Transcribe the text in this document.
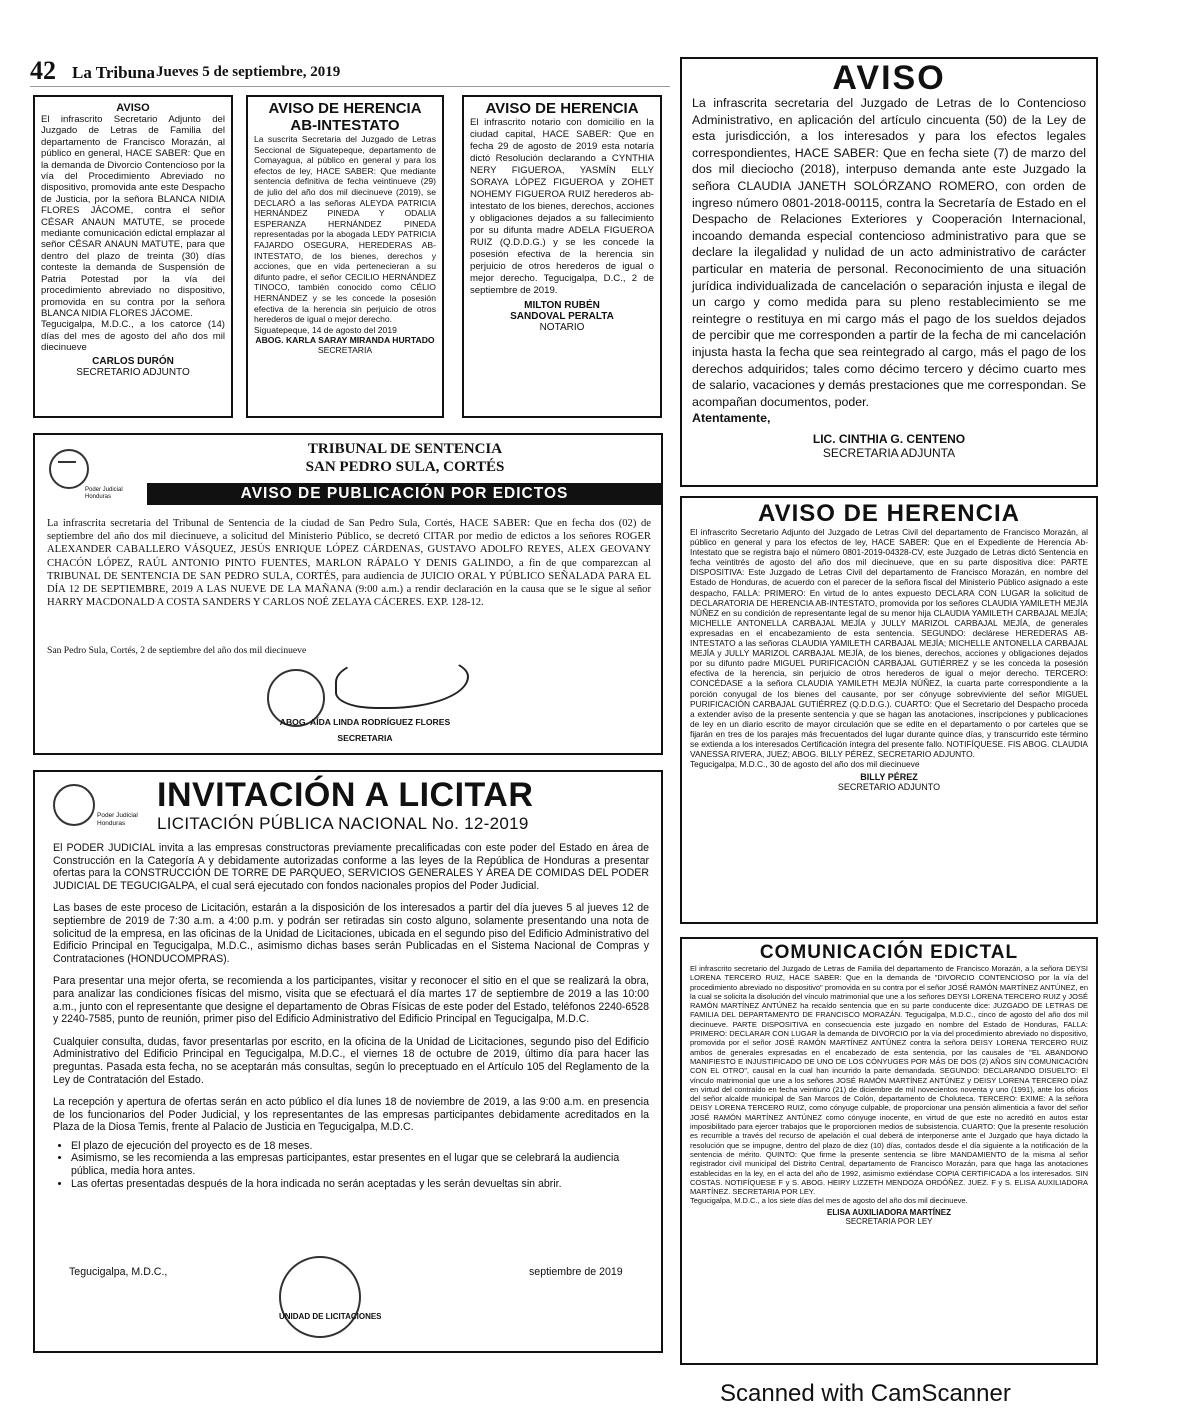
42 La Tribuna Jueves 5 de septiembre, 2019

AVISO

El infrascrito Secretario Adjunto del Juzgado de Letras de Familia del departamento de Francisco Morazán, al público en general, HACE SABER: Que en la demanda de Divorcio Contencioso por la vía del Procedimiento Abreviado no dispositivo, promovida ante este Despacho de Justicia, por la señora BLANCA NIDIA FLORES JÁCOME, contra el señor CÉSAR ANAUN MATUTE, se procede mediante comunicación edictal emplazar al señor CÉSAR ANAUN MATUTE, para que dentro del plazo de treinta (30) días conteste la demanda de Suspensión de Patria Potestad por la vía del procedimiento abreviado no dispositivo, promovida en su contra por la señora BLANCA NIDIA FLORES JÁCOME.

Tegucigalpa, M.D.C., a los catorce (14) días del mes de agosto del año dos mil diecinueve

CARLOS DURÓN

SECRETARIO ADJUNTO

AVISO DE HERENCIA

AB-INTESTATO

La suscrita Secretaria del Juzgado de Letras Seccional de Siguatepeque, departamento de Comayagua, al público en general y para los efectos de ley, HACE SABER: Que mediante sentencia definitiva de fecha veintinueve (29) de julio del año dos mil diecinueve (2019), se DECLARÓ a las señoras ALEYDA PATRICIA HERNÁNDEZ PINEDA Y ODALIA ESPERANZA HERNÁNDEZ PINEDA representadas por la abogada LEDY PATRICIA FAJARDO OSEGURA, HEREDERAS AB-INTESTATO, de los bienes, derechos y acciones, que en vida pertenecieran a su difunto padre, el señor CECILIO HERNÁNDEZ TINOCO, también conocido como CÉLIO HERNÁNDEZ y se les concede la posesión efectiva de la herencia sin perjuicio de otros herederos de igual o mejor derecho.

Siguatepeque, 14 de agosto del 2019

ABOG. KARLA SARAY MIRANDA HURTADO

SECRETARIA

AVISO DE HERENCIA

El infrascrito notario con domicilio en la ciudad capital, HACE SABER: Que en fecha 29 de agosto de 2019 esta notaría dictó Resolución declarando a CYNTHIA NERY FIGUEROA, YASMÍN ELLY SORAYA LÓPEZ FIGUEROA y ZOHET NOHEMY FIGUEROA RUIZ herederos ab-intestato de los bienes, derechos, acciones y obligaciones dejados a su fallecimiento por su difunta madre ADELA FIGUEROA RUIZ (Q.D.D.G.) y se les concede la posesión efectiva de la herencia sin perjuicio de otros herederos de igual o mejor derecho. Tegucigalpa, D.C., 2 de septiembre de 2019.

MILTON RUBÉN

SANDOVAL PERALTA

NOTARIO

AVISO

La infrascrita secretaria del Juzgado de Letras de lo Contencioso Administrativo, en aplicación del artículo cincuenta (50) de la Ley de esta jurisdicción, a los interesados y para los efectos legales correspondientes, HACE SABER: Que en fecha siete (7) de marzo del dos mil dieciocho (2018), interpuso demanda ante este Juzgado la señora CLAUDIA JANETH SOLÓRZANO ROMERO, con orden de ingreso número 0801-2018-00115, contra la Secretaría de Estado en el Despacho de Relaciones Exteriores y Cooperación Internacional, incoando demanda especial contencioso administrativo para que se declare la ilegalidad y nulidad de un acto administrativo de carácter particular en materia de personal. Reconocimiento de una situación jurídica individualizada de cancelación o separación injusta e ilegal de un cargo y como medida para su pleno restablecimiento se me reintegre o restituya en mi cargo más el pago de los sueldos dejados de percibir que me corresponden a partir de la fecha de mi cancelación injusta hasta la fecha que sea reintegrado al cargo, más el pago de los derechos adquiridos; tales como décimo tercero y décimo cuarto mes de salario, vacaciones y demás prestaciones que me correspondan. Se acompañan documentos, poder.

Atentamente,

LIC. CINTHIA G. CENTENO

SECRETARIA ADJUNTA

Poder Judicial Honduras
TRIBUNAL DE SENTENCIA
SAN PEDRO SULA, CORTÉS
AVISO DE PUBLICACIÓN POR EDICTOS

La infrascrita secretaria del Tribunal de Sentencia de la ciudad de San Pedro Sula, Cortés, HACE SABER: Que en fecha dos (02) de septiembre del año dos mil diecinueve, a solicitud del Ministerio Público, se decretó CITAR por medio de edictos a los señores ROGER ALEXANDER CABALLERO VÁSQUEZ, JESÚS ENRIQUE LÓPEZ CÁRDENAS, GUSTAVO ADOLFO REYES, ALEX GEOVANY CHACÓN LÓPEZ, RAÚL ANTONIO PINTO FUENTES, MARLON RÁPALO Y DENIS GALINDO, a fin de que comparezcan al TRIBUNAL DE SENTENCIA DE SAN PEDRO SULA, CORTÉS, para audiencia de JUICIO ORAL Y PÚBLICO SEÑALADA PARA EL DÍA 12 DE SEPTIEMBRE, 2019 A LAS NUEVE DE LA MAÑANA (9:00 a.m.) a rendir declaración en la causa que se le sigue al señor HARRY MACDONALD A COSTA SANDERS Y CARLOS NOÉ ZELAYA CÁCERES. EXP. 128-12.

San Pedro Sula, Cortés, 2 de septiembre del año dos mil diecinueve

ABOG. AÍDA LINDA RODRÍGUEZ FLORES
SECRETARIA
Poder Judicial Honduras
INVITACIÓN A LICITAR
LICITACIÓN PÚBLICA NACIONAL No. 12-2019

El PODER JUDICIAL invita a las empresas constructoras previamente precalificadas con este poder del Estado en área de Construcción en la Categoría A y debidamente autorizadas conforme a las leyes de la República de Honduras a presentar ofertas para la CONSTRUCCIÓN DE TORRE DE PARQUEO, SERVICIOS GENERALES Y ÁREA DE COMIDAS DEL PODER JUDICIAL DE TEGUCIGALPA, el cual será ejecutado con fondos nacionales propios del Poder Judicial.

Las bases de este proceso de Licitación, estarán a la disposición de los interesados a partir del día jueves 5 al jueves 12 de septiembre de 2019 de 7:30 a.m. a 4:00 p.m. y podrán ser retiradas sin costo alguno, solamente presentando una nota de solicitud de la empresa, en las oficinas de la Unidad de Licitaciones, ubicada en el segundo piso del Edificio Administrativo del Edificio Principal en Tegucigalpa, M.D.C., asimismo dichas bases serán Publicadas en el Sistema Nacional de Compras y Contrataciones (HONDUCOMPRAS).

Para presentar una mejor oferta, se recomienda a los participantes, visitar y reconocer el sitio en el que se realizará la obra, para analizar las condiciones físicas del mismo, visita que se efectuará el día martes 17 de septiembre de 2019 a las 10:00 a.m., junto con el representante que designe el departamento de Obras Físicas de este poder del Estado, teléfonos 2240-6528 y 2240-7585, punto de reunión, primer piso del Edificio Administrativo del Edificio Principal en Tegucigalpa, M.D.C.

Cualquier consulta, dudas, favor presentarlas por escrito, en la oficina de la Unidad de Licitaciones, segundo piso del Edificio Administrativo del Edificio Principal en Tegucigalpa, M.D.C., el viernes 18 de octubre de 2019, último día para hacer las preguntas. Pasada esta fecha, no se aceptarán más consultas, según lo preceptuado en el Artículo 105 del Reglamento de la Ley de Contratación del Estado.

La recepción y apertura de ofertas serán en acto público el día lunes 18 de noviembre de 2019, a las 9:00 a.m. en presencia de los funcionarios del Poder Judicial, y los representantes de las empresas participantes debidamente acreditados en la Plaza de la Diosa Temis, frente al Palacio de Justicia en Tegucigalpa, M.D.C.

• El plazo de ejecución del proyecto es de 18 meses.
• Asimismo, se les recomienda a las empresas participantes, estar presentes en el lugar que se celebrará la audiencia pública, media hora antes.
• Las ofertas presentadas después de la hora indicada no serán aceptadas y les serán devueltas sin abrir.
Tegucigalpa, M.D.C.,	septiembre de 2019
UNIDAD DE LICITACIONES

AVISO DE HERENCIA

El infrascrito Secretario Adjunto del Juzgado de Letras Civil del departamento de Francisco Morazán, al público en general y para los efectos de ley, HACE SABER: Que en el Expediente de Herencia Ab-Intestato que se registra bajo el número 0801-2019-04328-CV, este Juzgado de Letras dictó Sentencia en fecha veintitrés de agosto del año dos mil diecinueve, que en su parte dispositiva dice: PARTE DISPOSITIVA: Este Juzgado de Letras Civil del departamento de Francisco Morazán, en nombre del Estado de Honduras, de acuerdo con el parecer de la señora fiscal del Ministerio Público asignado a este despacho, FALLA: PRIMERO: En virtud de lo antes expuesto DECLARA CON LUGAR la solicitud de DECLARATORIA DE HERENCIA AB-INTESTATO, promovida por los señores CLAUDIA YAMILETH MEJÍA NÚÑEZ en su condición de representante legal de su menor hija CLAUDIA YAMILETH CARBAJAL MEJÍA; MICHELLE ANTONELLA CARBAJAL MEJÍA y JULLY MARIZOL CARBAJAL MEJÍA, de generales expresadas en el encabezamiento de esta sentencia. SEGUNDO: declárese HEREDERAS AB-INTESTATO a las señoras CLAUDIA YAMILETH CARBAJAL MEJÍA; MICHELLE ANTONELLA CARBAJAL MEJÍA y JULLY MARIZOL CARBAJAL MEJÍA, de los bienes, derechos, acciones y obligaciones dejados por su difunto padre MIGUEL PURIFICACIÓN CARBAJAL GUTIÉRREZ y se les conceda la posesión efectiva de la herencia, sin perjuicio de otros herederos de igual o mejor derecho. TERCERO: CONCÉDASE a la señora CLAUDIA YAMILETH MEJÍA NÚÑEZ, la cuarta parte correspondiente a la porción conyugal de los bienes del causante, por ser cónyuge sobreviviente del señor MIGUEL PURIFICACIÓN CARBAJAL GUTIÉRREZ (Q.D.D.G.). CUARTO: Que el Secretario del Despacho proceda a extender aviso de la presente sentencia y que se hagan las anotaciones, inscripciones y publicaciones de ley en un diario escrito de mayor circulación que se edite en el departamento o por carteles que se fijarán en tres de los parajes más frecuentados del lugar durante quince días, y transcurrido este término se extienda a los interesados Certificación íntegra del presente fallo. NOTIFÍQUESE. FIS ABOG. CLAUDIA VANESSA RIVERA, JUEZ; ABOG. BILLY PÉREZ, SECRETARIO ADJUNTO.

Tegucigalpa, M.D.C., 30 de agosto del año dos mil diecinueve

BILLY PÉREZ

SECRETARIO ADJUNTO

COMUNICACIÓN EDICTAL

El infrascrito secretario del Juzgado de Letras de Familia del departamento de Francisco Morazán, a la señora DEYSI LORENA TERCERO RUIZ, HACE SABER: Que en la demanda de "DIVORCIO CONTENCIOSO por la vía del procedimiento abreviado no dispositivo" promovida en su contra por el señor JOSÉ RAMÓN MARTÍNEZ ANTÚNEZ, en la cual se solicita la disolución del vínculo matrimonial que une a los señores DEYSI LORENA TERCERO RUIZ y JOSÉ RAMÓN MARTÍNEZ ANTÚNEZ ha recaído sentencia que en su parte conducente dice: JUZGADO DE LETRAS DE FAMILIA DEL DEPARTAMENTO DE FRANCISCO MORAZÁN. Tegucigalpa, M.D.C., cinco de agosto del año dos mil diecinueve. PARTE DISPOSITIVA en consecuencia este juzgado en nombre del Estado de Honduras, FALLA: PRIMERO: DECLARAR CON LUGAR la demanda de DIVORCIO por la vía del procedimiento abreviado no dispositivo, promovida por el señor JOSÉ RAMÓN MARTÍNEZ ANTÚNEZ contra la señora DEISY LORENA TERCERO RUIZ ambos de generales expresadas en el encabezado de esta sentencia, por las causales de "EL ABANDONO MANIFIESTO E INJUSTIFICADO DE UNO DE LOS CÓNYUGES POR MÁS DE DOS (2) AÑOS SIN COMUNICACIÓN CON EL OTRO", causal en la cual han incurrido la parte demandada. SEGUNDO: DECLARANDO DISUELTO: El vínculo matrimonial que une a los señores JOSÉ RAMÓN MARTÍNEZ ANTÚNEZ y DEISY LORENA TERCERO DÍAZ en virtud del contraído en fecha veintiuno (21) de diciembre de mil novecientos noventa y uno (1991), ante los oficios del señor alcalde municipal de San Marcos de Colón, departamento de Choluteca. TERCERO: EXIME: A la señora DEISY LORENA TERCERO RUIZ, como cónyuge culpable, de proporcionar una pensión alimenticia a favor del señor JOSÉ RAMÓN MARTÍNEZ ANTÚNEZ como cónyuge inocente, en virtud de que este no acreditó en autos estar imposibilitado para ejercer trabajos que le proporcionen medios de subsistencia. CUARTO: Que la presente resolución es recurrible a través del recurso de apelación el cual deberá de interponerse ante el Juzgado que haya dictado la resolución que se impugne, dentro del plazo de diez (10) días, contados desde el día siguiente a la notificación de la sentencia de mérito. QUINTO: Que firme la presente sentencia se libre MANDAMIENTO de la misma al señor registrador civil municipal del Distrito Central, departamento de Francisco Morazán, para que haga las anotaciones establecidas en la ley, en el acta del año de 1992, asimismo extiéndase COPIA CERTIFICADA a los interesados. SIN COSTAS. NOTIFÍQUESE F y S. ABOG. HEIRY LIZZETH MENDOZA ORDÓÑEZ. JUEZ. F y S. ELISA AUXILIADORA MARTÍNEZ. SECRETARIA POR LEY.

Tegucigalpa, M.D.C., a los siete días del mes de agosto del año dos mil diecinueve.

ELISA AUXILIADORA MARTÍNEZ

SECRETARIA POR LEY

Scanned with CamScanner
